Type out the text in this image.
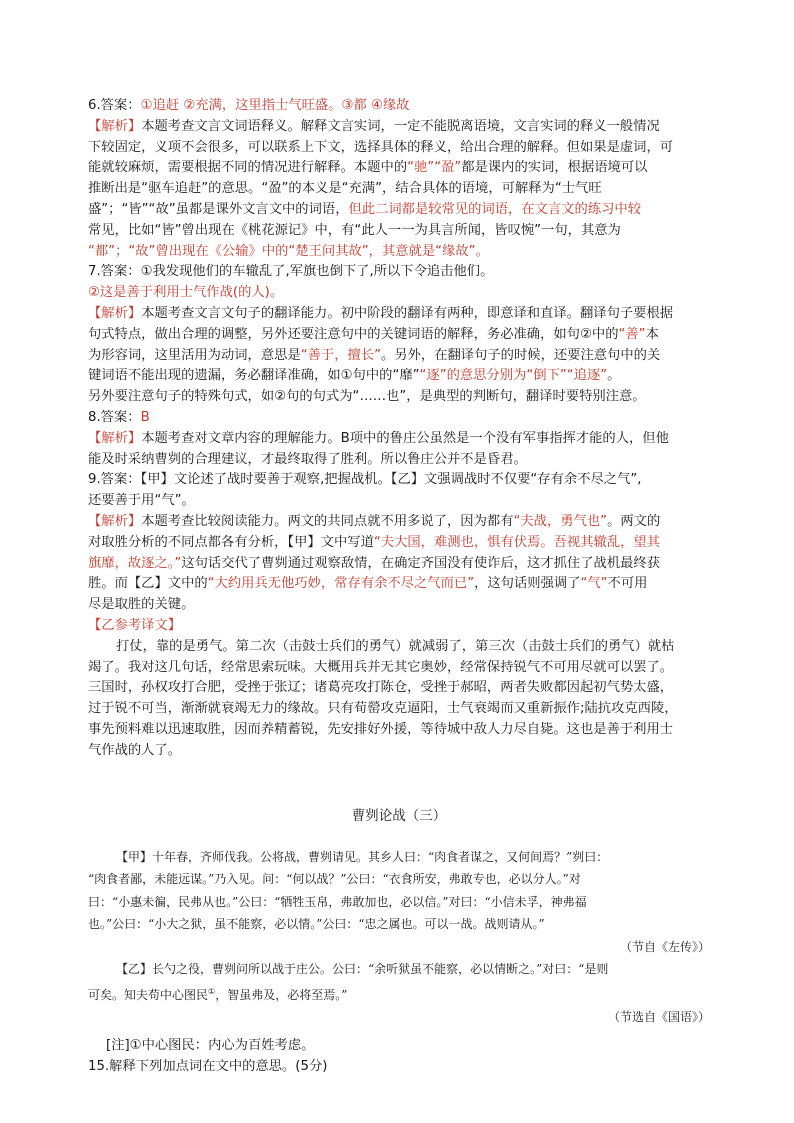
6.答案：①追赶 ②充满，这里指士气旺盛。③都 ④缘故

【解析】本题考查文言文词语释义。解释文言实词，一定不能脱离语境，文言实词的释义一般情况

下较固定，义项不会很多，可以联系上下文，选择具体的释义，给出合理的解释。但如果是虚词，可

能就较麻烦，需要根据不同的情况进行解释。本题中的“驰”“盈”都是课内的实词，根据语境可以

推断出是“驱车追赶”的意思。“盈”的本义是“充满”，结合具体的语境，可解释为“士气旺

盛”；“皆”“故”虽都是课外文言文中的词语，但此二词都是较常见的词语，在文言文的练习中较

常见，比如“皆”曾出现在《桃花源记》中，有“此人一一为具言所闻，皆叹惋”一句，其意为

“都”；“故”曾出现在《公输》中的“楚王问其故”，其意就是“缘故”。

7.答案：①我发现他们的车辙乱了,军旗也倒下了,所以下令追击他们。

②这是善于利用士气作战(的人)。

【解析】本题考查文言文句子的翻译能力。初中阶段的翻译有两种，即意译和直译。翻译句子要根据

句式特点，做出合理的调整，另外还要注意句中的关键词语的解释，务必准确，如句②中的“善”本

为形容词，这里活用为动词，意思是“善于，擅长”。另外，在翻译句子的时候，还要注意句中的关

键词语不能出现的遗漏，务必翻译准确，如①句中的“靡”“逐”的意思分别为“倒下”“追逐”。

另外要注意句子的特殊句式，如②句的句式为“……也”，是典型的判断句，翻译时要特别注意。

8.答案：B

【解析】本题考查对文章内容的理解能力。B项中的鲁庄公虽然是一个没有军事指挥才能的人，但他

能及时采纳曹刿的合理建议，才最终取得了胜利。所以鲁庄公并不是昏君。

9.答案：【甲】文论述了战时要善于观察,把握战机。【乙】文强调战时不仅要“存有余不尽之气”,

还要善于用“气”。

【解析】本题考查比较阅读能力。两文的共同点就不用多说了，因为都有“夫战，勇气也”。两文的

对取胜分析的不同点都各有分析，【甲】文中写道“夫大国，难测也，惧有伏焉。吾视其辙乱，望其

旗靡，故逐之。”这句话交代了曹刿通过观察敌情，在确定齐国没有使诈后，这才抓住了战机最终获

胜。而【乙】文中的“大约用兵无他巧妙，常存有余不尽之气而已”，这句话则强调了“气”不可用

尽是取胜的关键。

【乙参考译文】

打仗，靠的是勇气。第二次（击鼓士兵们的勇气）就减弱了，第三次（击鼓士兵们的勇气）就枯

竭了。我对这几句话，经常思索玩味。大概用兵并无其它奥妙，经常保持锐气不可用尽就可以罢了。

三国时，孙权攻打合肥，受挫于张辽；诸葛亮攻打陈仓，受挫于郝昭，两者失败都因起初气势太盛，

过于锐不可当，渐渐就衰竭无力的缘故。只有荀罃攻克逼阳，士气衰竭而又重新振作;陆抗攻克西陵，

事先预料难以迅速取胜，因而养精蓄锐，先安排好外援，等待城中敌人力尽自毙。这也是善于利用士

气作战的人了。

曹刿论战（三）

【甲】十年春，齐师伐我。公将战，曹刿请见。其乡人曰：“肉食者谋之，又何间焉？”刿曰：

“肉食者鄙，未能远谋。”乃入见。问：“何以战？”公曰：“衣食所安，弗敢专也，必以分人。”对

曰：“小惠未徧，民弗从也。”公曰：“牺牲玉帛，弗敢加也，必以信。”对曰：“小信未孚，神弗福

也。”公曰：“小大之狱，虽不能察，必以情。”公曰：“忠之属也。可以一战。战则请从。”

（节自《左传》）

【乙】长勺之役，曹刿问所以战于庄公。公曰：“余听狱虽不能察，必以情断之。”对曰：“是则

可矣。知夫苟中心图民①，智虽弗及，必将至焉。”

（节选自《国语》）

[注]①中心图民：内心为百姓考虑。

15.解释下列加点词在文中的意思。(5分)
